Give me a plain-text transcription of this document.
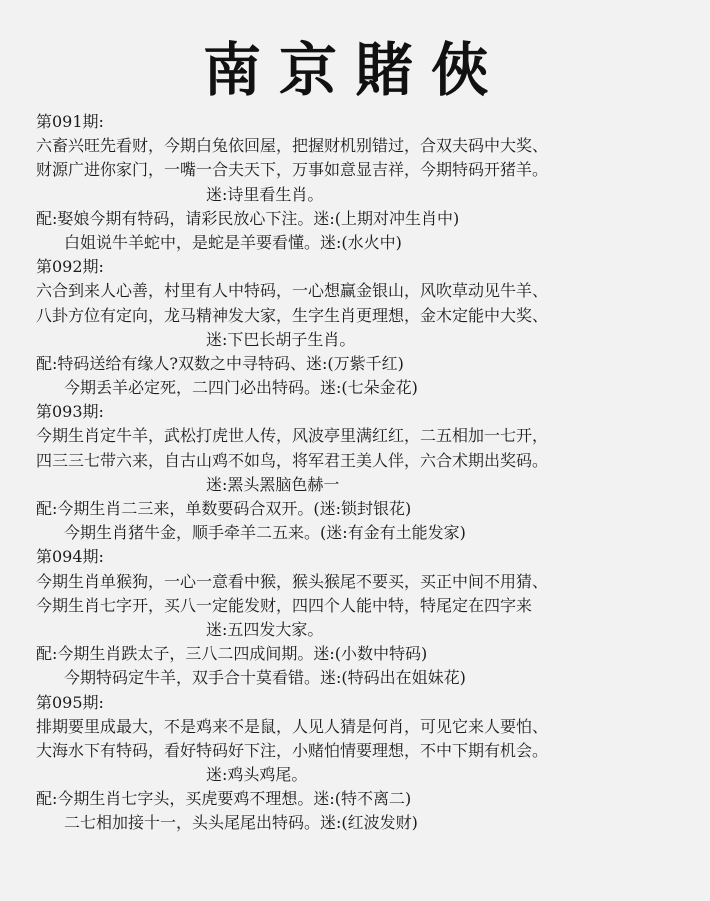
南京賭俠
第091期:
六畜兴旺先看财，今期白兔依回屋，把握财机别错过，合双夫码中大奖、
财源广进你家门，一嘴一合夫天下，万事如意显吉祥，今期特码开猪羊。
迷:诗里看生肖。
配:娶娘今期有特码，请彩民放心下注。迷:(上期对冲生肖中)
白姐说牛羊蛇中，是蛇是羊要看懂。迷:(水火中)
第092期:
六合到来人心善，村里有人中特码，一心想赢金银山，风吹草动见牛羊、
八卦方位有定向，龙马精神发大家，生字生肖更理想，金木定能中大奖、
迷:下巴长胡子生肖。
配:特码送给有缘人?双数之中寻特码、迷:(万紫千红)
今期丢羊必定死，二四门必出特码。迷:(七朵金花)
第093期:
今期生肖定牛羊，武松打虎世人传，风波亭里满红红，二五相加一七开，
四三三七带六来，自古山鸡不如鸟，将军君王美人伴，六合术期出奖码。
迷:罴头罴脑色赫一
配:今期生肖二三来，单数要码合双开。(迷:锁封银花)
今期生肖猪牛金，顺手牵羊二五来。(迷:有金有土能发家)
第094期:
今期生肖单猴狗，一心一意看中猴，猴头猴尾不要买，买正中间不用猜、
今期生肖七字开，买八一定能发财，四四个人能中特，特尾定在四字来
迷:五四发大家。
配:今期生肖跌太子，三八二四成间期。迷:(小数中特码)
今期特码定牛羊，双手合十莫看错。迷:(特码出在姐妹花)
第095期:
排期要里成最大，不是鸡来不是鼠，人见人猜是何肖，可见它来人要怕、
大海水下有特码，看好特码好下注，小赌怕情要理想，不中下期有机会。
迷:鸡头鸡尾。
配:今期生肖七字头，买虎要鸡不理想。迷:(特不离二)
二七相加接十一，头头尾尾出特码。迷:(红波发财)
